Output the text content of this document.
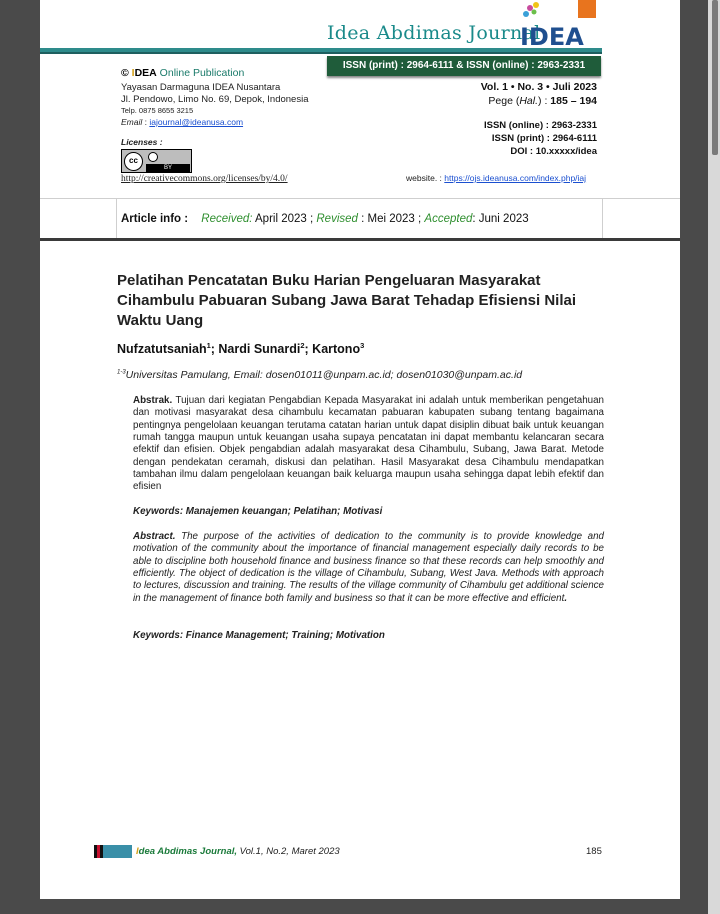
Idea Abdimas Journal
IDEA
ISSN (print) : 2964-6111 & ISSN (online) : 2963-2331
© IDEA Online Publication
Yayasan Darmaguna IDEA Nusantara
Jl. Pendowo, Limo No. 69, Depok, Indonesia
Telp. 0875 8655 3215
Email : iajournal@ideanusa.com
Licenses :
cc
BY
http://creativecommons.org/licenses/by/4.0/
Vol. 1 • No. 3 • Juli 2023
Pege (Hal.) : 185 – 194
ISSN (online) : 2963-2331
ISSN (print) : 2964-6111
DOI : 10.xxxxx/idea
website. : https://ojs.ideanusa.com/index.php/iaj
Article info : Received: April 2023 ; Revised : Mei 2023 ; Accepted: Juni 2023
Pelatihan Pencatatan Buku Harian Pengeluaran Masyarakat Cihambulu Pabuaran Subang Jawa Barat Tehadap Efisiensi Nilai Waktu Uang
Nufzatutsaniah$^1$; Nardi Sunardi$^2$; Kartono$^3$
$^{1-3}$Universitas Pamulang, Email: dosen01011@unpam.ac.id; dosen01030@unpam.ac.id
Abstrak. Tujuan dari kegiatan Pengabdian Kepada Masyarakat ini adalah untuk memberikan pengetahuan dan motivasi masyarakat desa cihambulu kecamatan pabuaran kabupaten subang tentang bagaimana pentingnya pengelolaan keuangan terutama catatan harian untuk dapat disiplin dibuat baik untuk keuangan rumah tangga maupun untuk keuangan usaha supaya pencatatan ini dapat membantu kelancaran secara efektif dan efisien. Objek pengabdian adalah masyarakat desa Cihambulu, Subang, Jawa Barat. Metode dengan pendekatan ceramah, diskusi dan pelatihan. Hasil Masyarakat desa Cihambulu mendapatkan tambahan ilmu dalam pengelolaan keuangan baik keluarga maupun usaha sehingga dapat lebih efektif dan efisien
Keywords: Manajemen keuangan; Pelatihan; Motivasi
Abstract. The purpose of the activities of dedication to the community is to provide knowledge and motivation of the community about the importance of financial management especially daily records to be able to discipline both household finance and business finance so that these records can help smoothly and efficiently. The object of dedication is the village of Cihambulu, Subang, West Java. Methods with approach to lectures, discussion and training. The results of the village community of Cihambulu get additional science in the management of finance both family and business so that it can be more effective and efficient.
Keywords: Finance Management; Training; Motivation
Idea Abdimas Journal, Vol.1, No.2, Maret 2023	185
